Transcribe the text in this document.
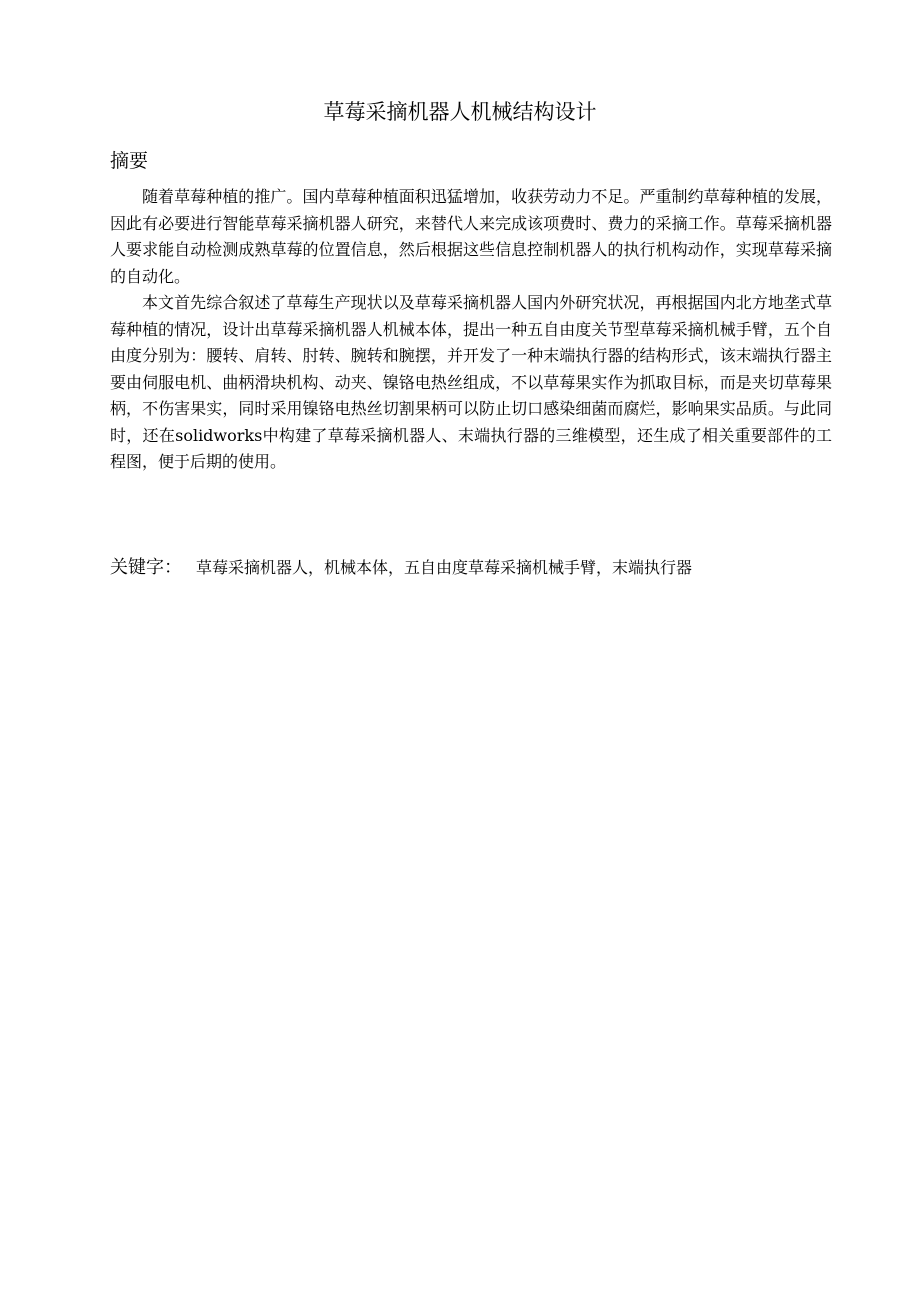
草莓采摘机器人机械结构设计
摘要

随着草莓种植的推广。国内草莓种植面积迅猛增加，收获劳动力不足。严重制约草莓种植的发展，因此有必要进行智能草莓采摘机器人研究，来替代人来完成该项费时、费力的采摘工作。草莓采摘机器人要求能自动检测成熟草莓的位置信息，然后根据这些信息控制机器人的执行机构动作，实现草莓采摘的自动化。

本文首先综合叙述了草莓生产现状以及草莓采摘机器人国内外研究状况，再根据国内北方地垄式草莓种植的情况，设计出草莓采摘机器人机械本体，提出一种五自由度关节型草莓采摘机械手臂，五个自由度分别为：腰转、肩转、肘转、腕转和腕摆，并开发了一种末端执行器的结构形式，该末端执行器主要由伺服电机、曲柄滑块机构、动夹、镍铬电热丝组成，不以草莓果实作为抓取目标，而是夹切草莓果柄，不伤害果实，同时采用镍铬电热丝切割果柄可以防止切口感染细菌而腐烂，影响果实品质。与此同时，还在solidworks中构建了草莓采摘机器人、末端执行器的三维模型，还生成了相关重要部件的工程图，便于后期的使用。

关键字： 草莓采摘机器人，机械本体，五自由度草莓采摘机械手臂，末端执行器
